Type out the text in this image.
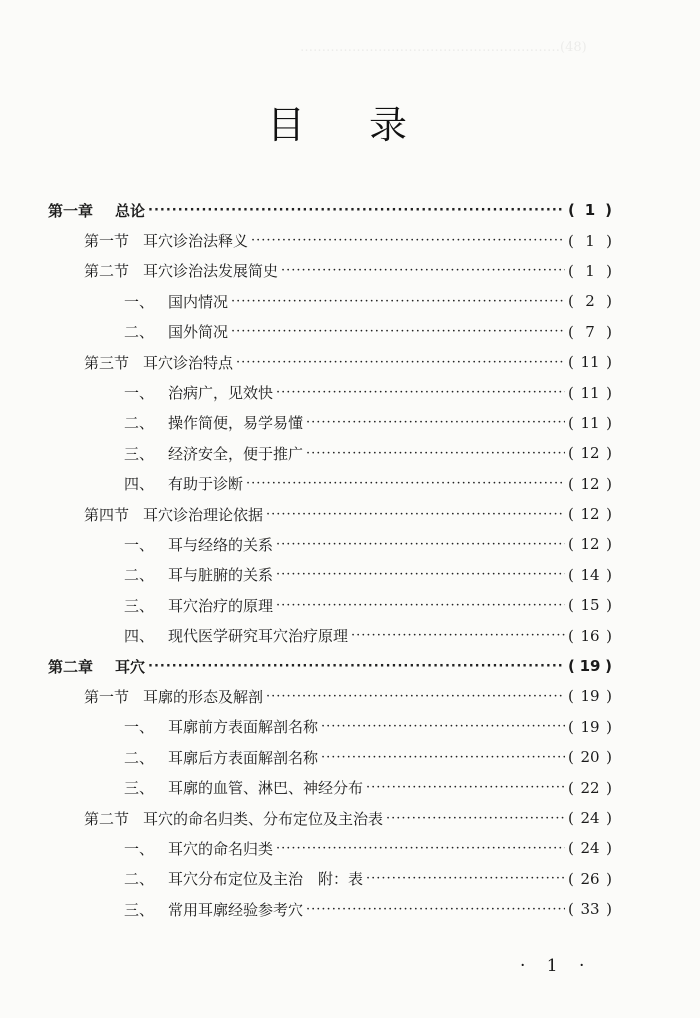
……………………………………………………(48)
目 录
第一章 总论 ·····	( 1 )
第一节 耳穴诊治法释义 ·····	( 1 )
第二节 耳穴诊治法发展简史 ·····	( 1 )
一、 国内情况 ·····	( 2 )
二、 国外简况 ·····	( 7 )
第三节 耳穴诊治特点 ·····	( 11 )
一、 治病广，见效快 ·····	( 11 )
二、 操作简便，易学易懂 ·····	( 11 )
三、 经济安全，便于推广 ·····	( 12 )
四、 有助于诊断 ·····	( 12 )
第四节 耳穴诊治理论依据 ·····	( 12 )
一、 耳与经络的关系 ·····	( 12 )
二、 耳与脏腑的关系 ·····	( 14 )
三、 耳穴治疗的原理 ·····	( 15 )
四、 现代医学研究耳穴治疗原理 ·····	( 16 )
第二章 耳穴 ·····	( 19 )
第一节 耳廓的形态及解剖 ·····	( 19 )
一、 耳廓前方表面解剖名称 ·····	( 19 )
二、 耳廓后方表面解剖名称 ·····	( 20 )
三、 耳廓的血管、淋巴、神经分布 ·····	( 22 )
第二节 耳穴的命名归类、分布定位及主治表 ·····	( 24 )
一、 耳穴的命名归类 ·····	( 24 )
二、 耳穴分布定位及主治　附：表 ·····	( 26 )
三、 常用耳廓经验参考穴 ·····	( 33 )
· 1 ·
